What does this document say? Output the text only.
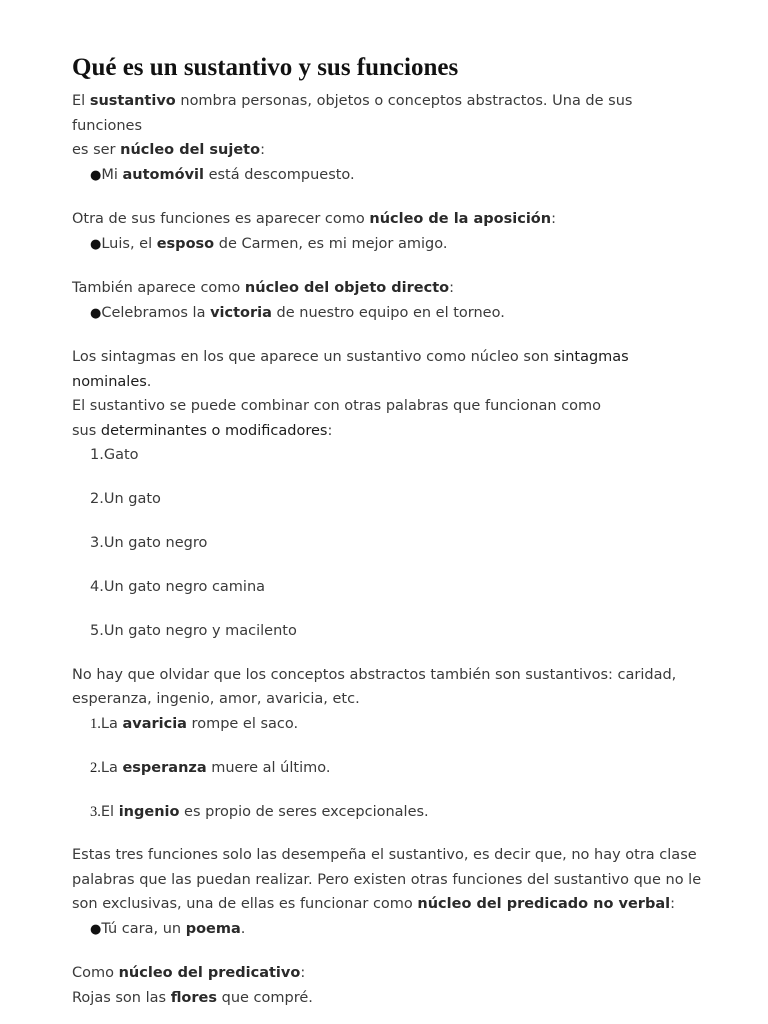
Qué es un sustantivo y sus funciones

El sustantivo nombra personas, objetos o conceptos abstractos. Una de sus funciones
es ser núcleo del sujeto:

●Mi automóvil está descompuesto.

Otra de sus funciones es aparecer como núcleo de la aposición:

●Luis, el esposo de Carmen, es mi mejor amigo.

También aparece como núcleo del objeto directo:

●Celebramos la victoria de nuestro equipo en el torneo.

Los sintagmas en los que aparece un sustantivo como núcleo son sintagmas nominales.
El sustantivo se puede combinar con otras palabras que funcionan como
sus determinantes o modificadores:

1.Gato

2.Un gato

3.Un gato negro

4.Un gato negro camina

5.Un gato negro y macilento

No hay que olvidar que los conceptos abstractos también son sustantivos: caridad,
esperanza, ingenio, amor, avaricia, etc.

1.La avaricia rompe el saco.

2.La esperanza muere al último.

3.El ingenio es propio de seres excepcionales.

Estas tres funciones solo las desempeña el sustantivo, es decir que, no hay otra clase
palabras que las puedan realizar. Pero existen otras funciones del sustantivo que no le
son exclusivas, una de ellas es funcionar como núcleo del predicado no verbal:

●Tú cara, un poema.

Como núcleo del predicativo:
Rojas son las flores que compré.
